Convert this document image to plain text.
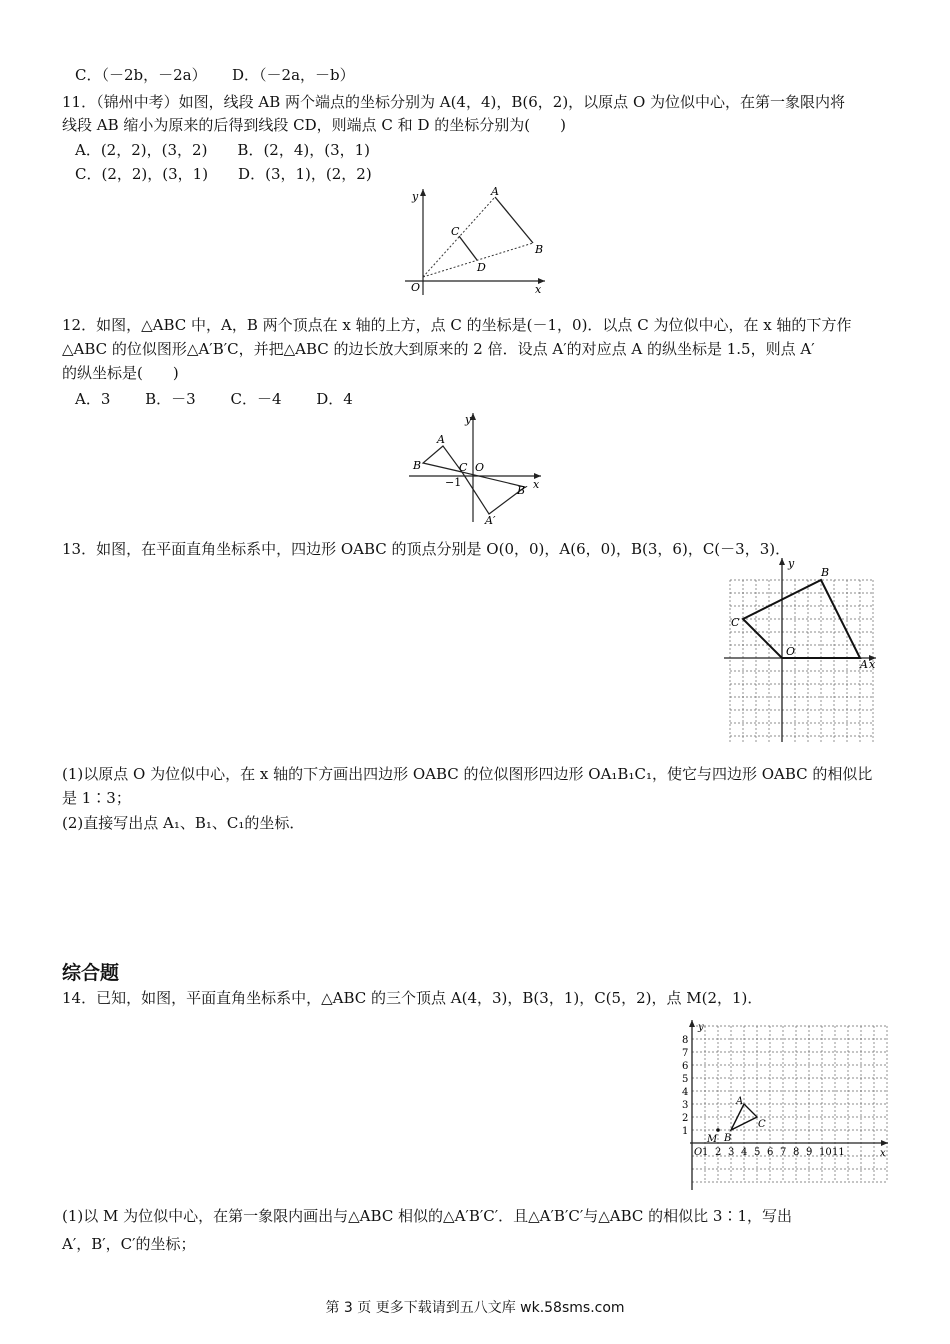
C．（－2b，－2a） D．（－2a，－b）
11．（锦州中考）如图，线段 AB 两个端点的坐标分别为 A(4，4)，B(6，2)，以原点 O 为位似中心，在第一象限内将
线段 AB 缩小为原来的后得到线段 CD，则端点 C 和 D 的坐标分别为(　　)
A．(2，2)，(3，2)　　B．(2，4)，(3，1)
C．(2，2)，(3，1)　　D．(3，1)，(2，2)
y
x
O
A
B
C
D
12．如图，△ABC 中，A，B 两个顶点在 x 轴的上方，点 C 的坐标是(－1，0)．以点 C 为位似中心，在 x 轴的下方作
△ABC 的位似图形△A′B′C，并把△ABC 的边长放大到原来的 2 倍．设点 A′的对应点 A 的纵坐标是 1.5，则点 A′
的纵坐标是(　　)
A．3　　 B．－3　　 C．－4　　 D．4
y
x
A
B	C O
−1
B′
A′
13．如图，在平面直角坐标系中，四边形 OABC 的顶点分别是 O(0，0)，A(6，0)，B(3，6)，C(－3，3)．
y
x
O
A
B
C
(1)以原点 O 为位似中心，在 x 轴的下方画出四边形 OABC 的位似图形四边形 OA₁B₁C₁，使它与四边形 OABC 的相似比
是 1∶3；
(2)直接写出点 A₁、B₁、C₁的坐标．
综合题
14．已知，如图，平面直角坐标系中，△ABC 的三个顶点 A(4，3)，B(3，1)，C(5，2)，点 M(2，1)．
1 2 3 4 5 6 7 8 9 10 11
1
2
3
4
5
6
7
8
y
x
O
A
B
C
M
(1)以 M 为位似中心，在第一象限内画出与△ABC 相似的△A′B′C′．且△A′B′C′与△ABC 的相似比 3∶1，写出
A′，B′，C′的坐标；
第 3 页 更多下载请到五八文库 wk.58sms.com
